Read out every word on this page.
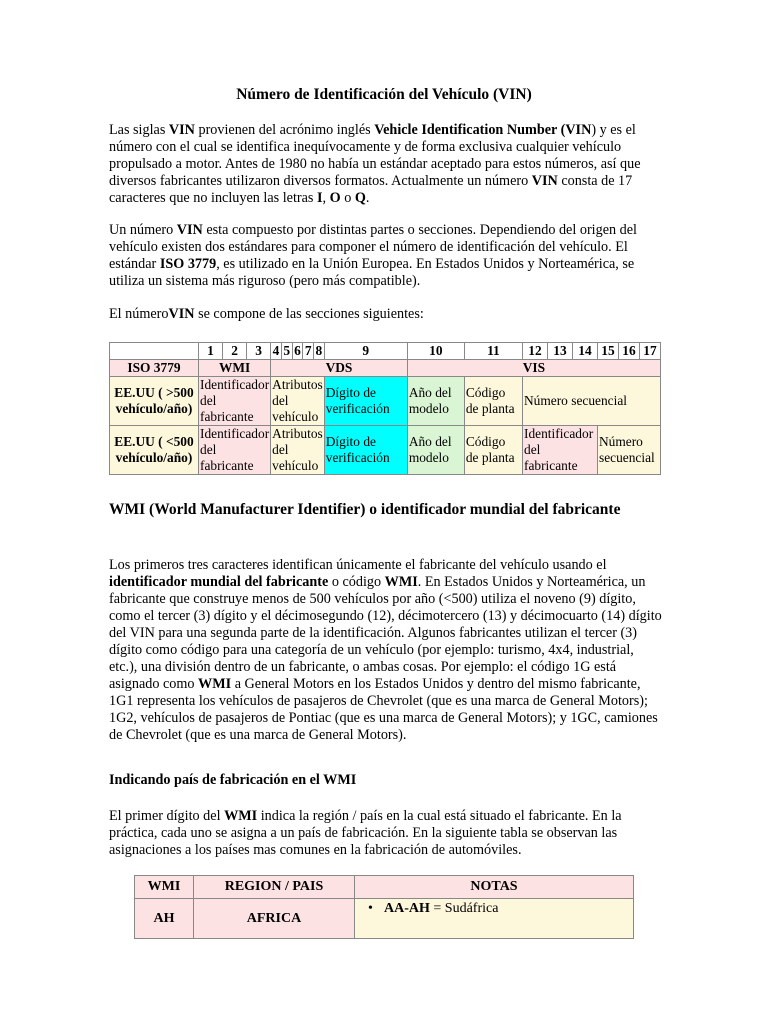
Número de Identificación del Vehículo (VIN)

Las siglas VIN provienen del acrónimo inglés Vehicle Identification Number (VIN) y es el número con el cual se identifica inequívocamente y de forma exclusiva cualquier vehículo propulsado a motor. Antes de 1980 no había un estándar aceptado para estos números, así que diversos fabricantes utilizaron diversos formatos. Actualmente un número VIN consta de 17 caracteres que no incluyen las letras I, O o Q.

Un número VIN esta compuesto por distintas partes o secciones. Dependiendo del origen del vehículo existen dos estándares para componer el número de identificación del vehículo. El estándar ISO 3779, es utilizado en la Unión Europea. En Estados Unidos y Norteamérica, se utiliza un sistema más riguroso (pero más compatible).

El númeroVIN se compone de las secciones siguientes:

	1	2	3	4	5	6	7	8	9	10	11	12	13	14	15	16	17
ISO 3779	WMI			VDS						VIS							
EE.UU ( >500 vehículo/año)	Identificador del fabricante			Atributos del vehículo					Dígito de verificación	Año del modelo	Código de planta	Número secuencial					
EE.UU ( <500 vehículo/año)	Identificador del fabricante			Atributos del vehículo					Dígito de verificación	Año del modelo	Código de planta	Identificador del fabricante			Número secuencial		
WMI (World Manufacturer Identifier) o identificador mundial del fabricante

Los primeros tres caracteres identifican únicamente el fabricante del vehículo usando el identificador mundial del fabricante o código WMI. En Estados Unidos y Norteamérica, un fabricante que construye menos de 500 vehículos por año (<500) utiliza el noveno (9) dígito, como el tercer (3) dígito y el décimosegundo (12), décimotercero (13) y décimocuarto (14) dígito del VIN para una segunda parte de la identificación. Algunos fabricantes utilizan el tercer (3) dígito como código para una categoría de un vehículo (por ejemplo: turismo, 4x4, industrial, etc.), una división dentro de un fabricante, o ambas cosas. Por ejemplo: el código 1G está asignado como WMI a General Motors en los Estados Unidos y dentro del mismo fabricante, 1G1 representa los vehículos de pasajeros de Chevrolet (que es una marca de General Motors); 1G2, vehículos de pasajeros de Pontiac (que es una marca de General Motors); y 1GC, camiones de Chevrolet (que es una marca de General Motors).

Indicando país de fabricación en el WMI

El primer dígito del WMI indica la región / país en la cual está situado el fabricante. En la práctica, cada uno se asigna a un país de fabricación. En la siguiente tabla se observan las asignaciones a los países mas comunes en la fabricación de automóviles.

WMI	REGION / PAIS	NOTAS
AH	AFRICA	• AA-AH = Sudáfrica
